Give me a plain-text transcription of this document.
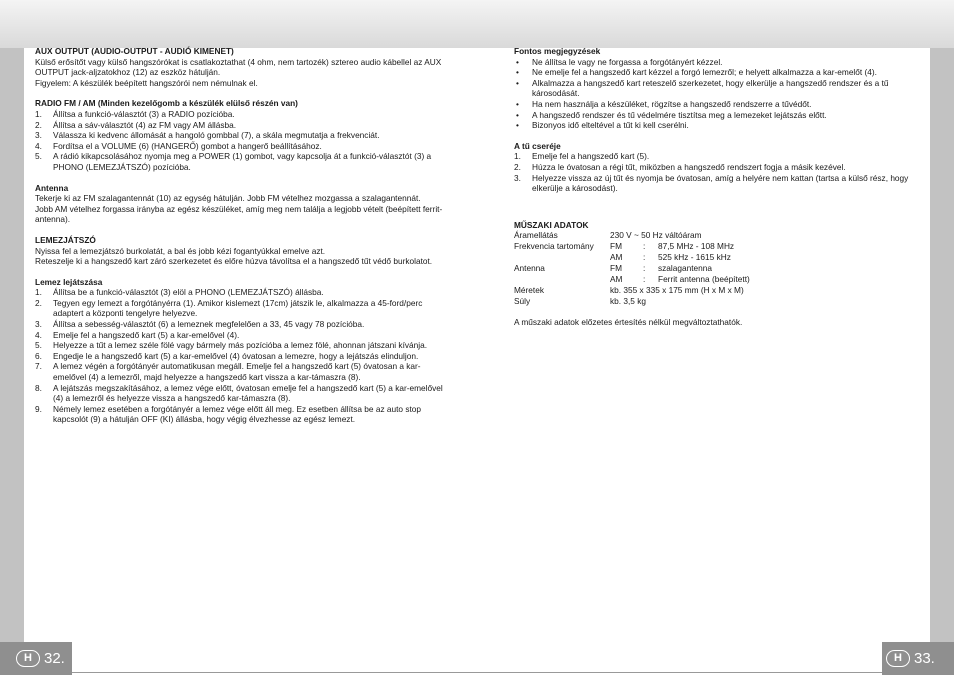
H 32.	H 33.
AUX OUTPUT (AUDIO-OUTPUT - AUDIÓ KIMENET)
Külső erősítőt vagy külső hangszórókat is csatlakoztathat (4 ohm, nem tartozék) sztereo audio kábellel az AUX OUTPUT jack-aljzatokhoz (12) az eszköz hátulján.
Figyelem: A készülék beépített hangszórói nem némulnak el.
RADIO FM / AM (Minden kezelőgomb a készülék elülső részén van)
1. Állítsa a funkció-választót (3) a RADIO pozícióba.
2. Állítsa a sáv-választót (4) az FM vagy AM állásba.
3. Válassza ki kedvenc állomását a hangoló gombbal (7), a skála megmutatja a frekvenciát.
4. Fordítsa el a VOLUME (6) (HANGERŐ) gombot a hangerő beállításához.
5. A rádió kikapcsolásához nyomja meg a POWER (1) gombot, vagy kapcsolja át a funkció-választót (3) a PHONO (LEMEZJÁTSZÓ) pozícióba.
Antenna
Tekerje ki az FM szalagantennát (10) az egység hátulján. Jobb FM vételhez mozgassa a szalagantennát.
Jobb AM vételhez forgassa irányba az egész készüléket, amíg meg nem találja a legjobb vételt (beépített ferrit- antenna).
LEMEZJÁTSZÓ
Nyissa fel a lemezjátszó burkolatát, a bal és jobb kézi fogantyúkkal emelve azt.
Reteszelje ki a hangszedő kart záró szerkezetet és előre húzva távolítsa el a hangszedő tűt védő burkolatot.
Lemez lejátszása
1. Állítsa be a funkció-választót (3) elöl a PHONO (LEMEZJÁTSZÓ) állásba.
2. Tegyen egy lemezt a forgótányérra (1). Amikor kislemezt (17cm) játszik le, alkalmazza a 45-ford/perc adaptert a központi tengelyre helyezve.
3. Állítsa a sebesség-választót (6) a lemeznek megfelelően a 33, 45 vagy 78 pozícióba.
4. Emelje fel a hangszedő kart (5) a kar-emelővel (4).
5. Helyezze a tűt a lemez széle fölé vagy bármely más pozícióba a lemez fölé, ahonnan játszani kívánja.
6. Engedje le a hangszedő kart (5) a kar-emelővel (4) óvatosan a lemezre, hogy a lejátszás elinduljon.
7. A lemez végén a forgótányér automatikusan megáll. Emelje fel a hangszedő kart (5) óvatosan a kar-emelővel (4) a lemezről, majd helyezze a hangszedő kart vissza a kar-támaszra (8).
8. A lejátszás megszakításához, a lemez vége előtt, óvatosan emelje fel a hangszedő kart (5) a kar-emelővel (4) a lemezről és helyezze vissza a hangszedő kar-támaszra (8).
9. Némely lemez esetében a forgótányér a lemez vége előtt áll meg. Ez esetben állítsa be az auto stop kapcsolót (9) a hátulján OFF (KI) állásba, hogy végig élvezhesse az egész lemezt.
Fontos megjegyzések
• Ne állítsa le vagy ne forgassa a forgótányért kézzel.
• Ne emelje fel a hangszedő kart kézzel a forgó lemezről; e helyett alkalmazza a kar-emelőt (4).
• Alkalmazza a hangszedő kart reteszelő szerkezetet, hogy elkerülje a hangszedő rendszer és a tű károsodását.
• Ha nem használja a készüléket, rögzítse a hangszedő rendszerre a tűvédőt.
• A hangszedő rendszer és tű védelmére tisztítsa meg a lemezeket lejátszás előtt.
• Bizonyos idő elteltével a tűt ki kell cserélni.
A tű cseréje
1. Emelje fel a hangszedő kart (5).
2. Húzza le óvatosan a régi tűt, miközben a hangszedő rendszert fogja a másik kezével.
3. Helyezze vissza az új tűt és nyomja be óvatosan, amíg a helyére nem kattan (tartsa a külső rész, hogy elkerülje a károsodást).
MŰSZAKI ADATOK
Áramellátás	230 V ~ 50 Hz váltóáram		
Frekvencia tartomány	FM	:	87,5 MHz - 108 MHz
	AM	:	525 kHz - 1615 kHz
Antenna	FM	:	szalagantenna
	AM	:	Ferrit antenna (beépített)
Méretek	kb. 355 x 335 x 175 mm (H x M x M)		
Súly	kb. 3,5 kg		
A műszaki adatok előzetes értesítés nélkül megváltoztathatók.
